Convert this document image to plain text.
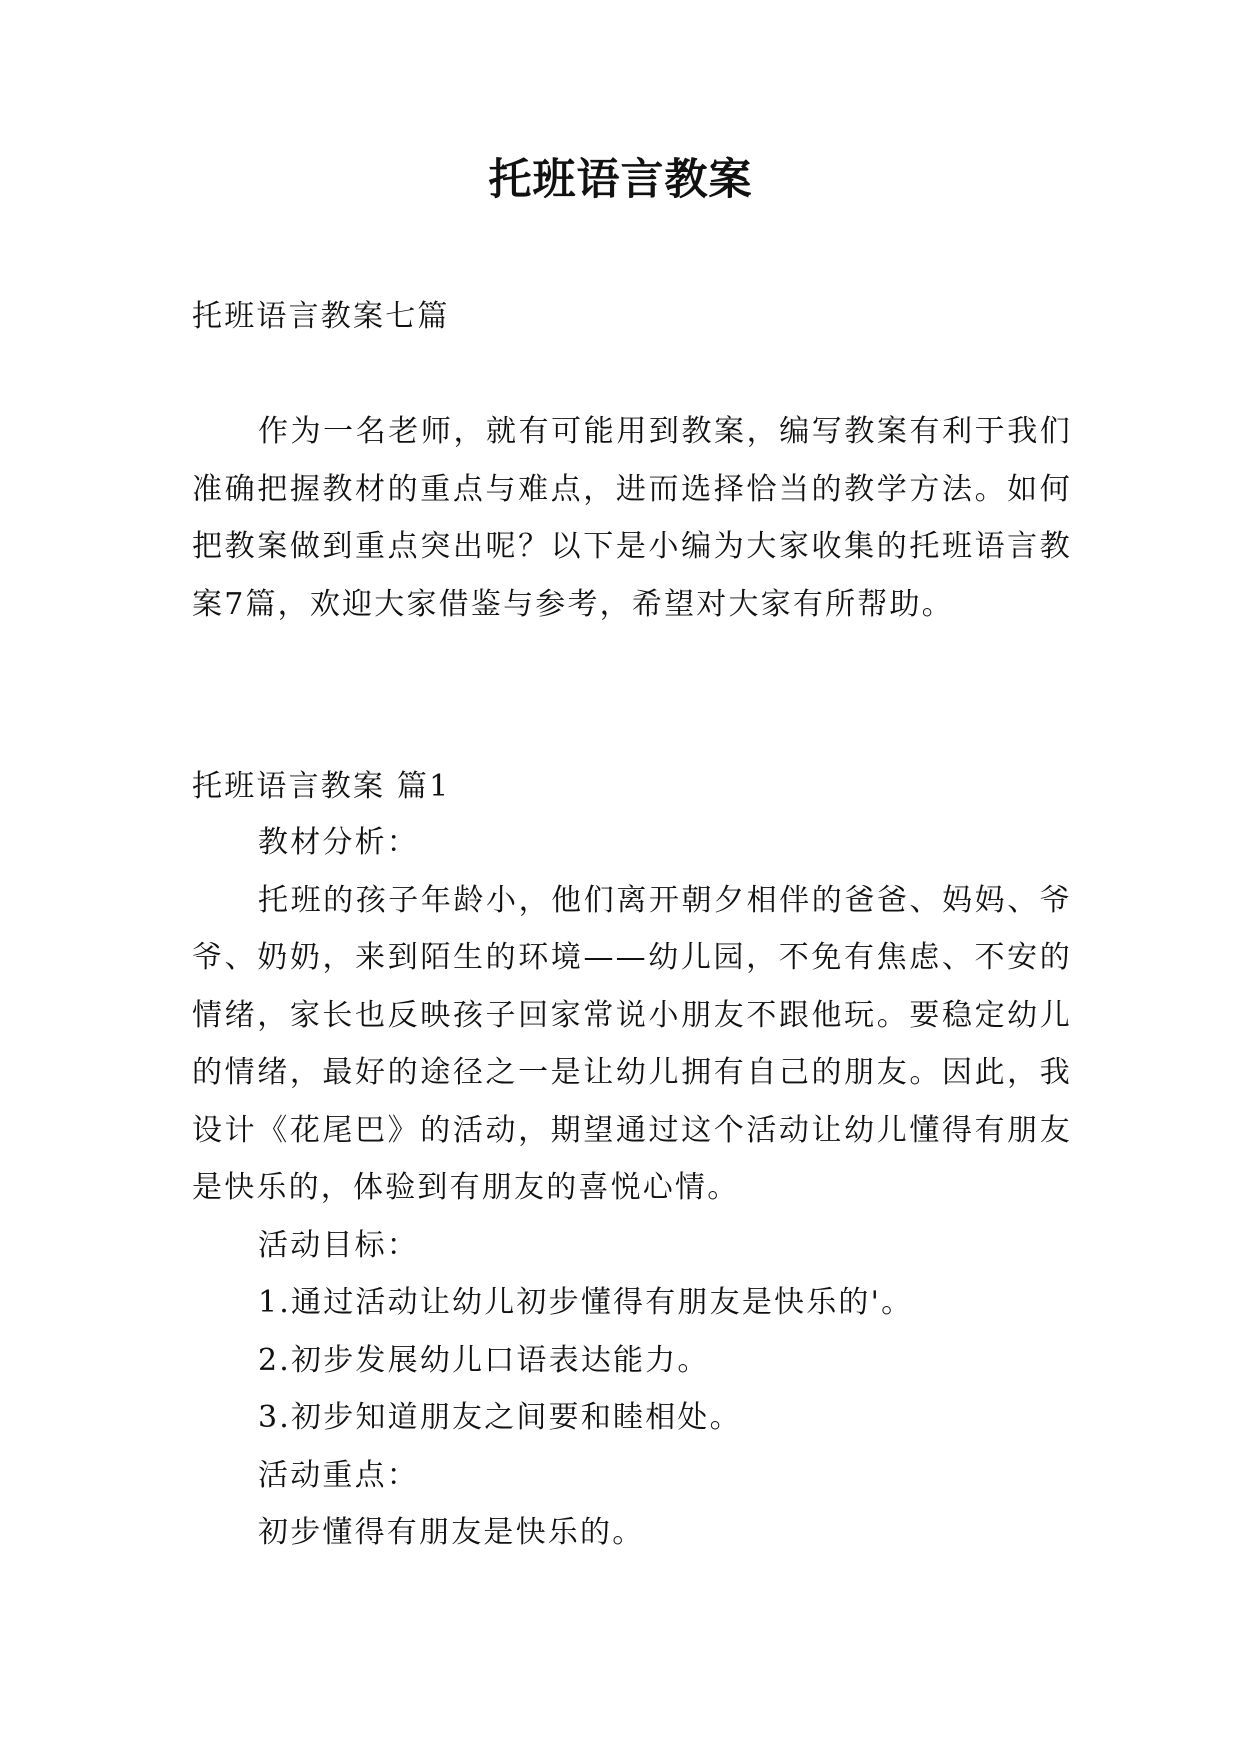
托班语言教案

托班语言教案七篇

作为一名老师，就有可能用到教案，编写教案有利于我们准确把握教材的重点与难点，进而选择恰当的教学方法。如何把教案做到重点突出呢？以下是小编为大家收集的托班语言教案7篇，欢迎大家借鉴与参考，希望对大家有所帮助。

托班语言教案 篇1

教材分析：

托班的孩子年龄小，他们离开朝夕相伴的爸爸、妈妈、爷爷、奶奶，来到陌生的环境——幼儿园，不免有焦虑、不安的情绪，家长也反映孩子回家常说小朋友不跟他玩。要稳定幼儿的情绪，最好的途径之一是让幼儿拥有自己的朋友。因此，我设计《花尾巴》的活动，期望通过这个活动让幼儿懂得有朋友是快乐的，体验到有朋友的喜悦心情。

活动目标：

1.通过活动让幼儿初步懂得有朋友是快乐的'。

2.初步发展幼儿口语表达能力。

3.初步知道朋友之间要和睦相处。

活动重点：

初步懂得有朋友是快乐的。
